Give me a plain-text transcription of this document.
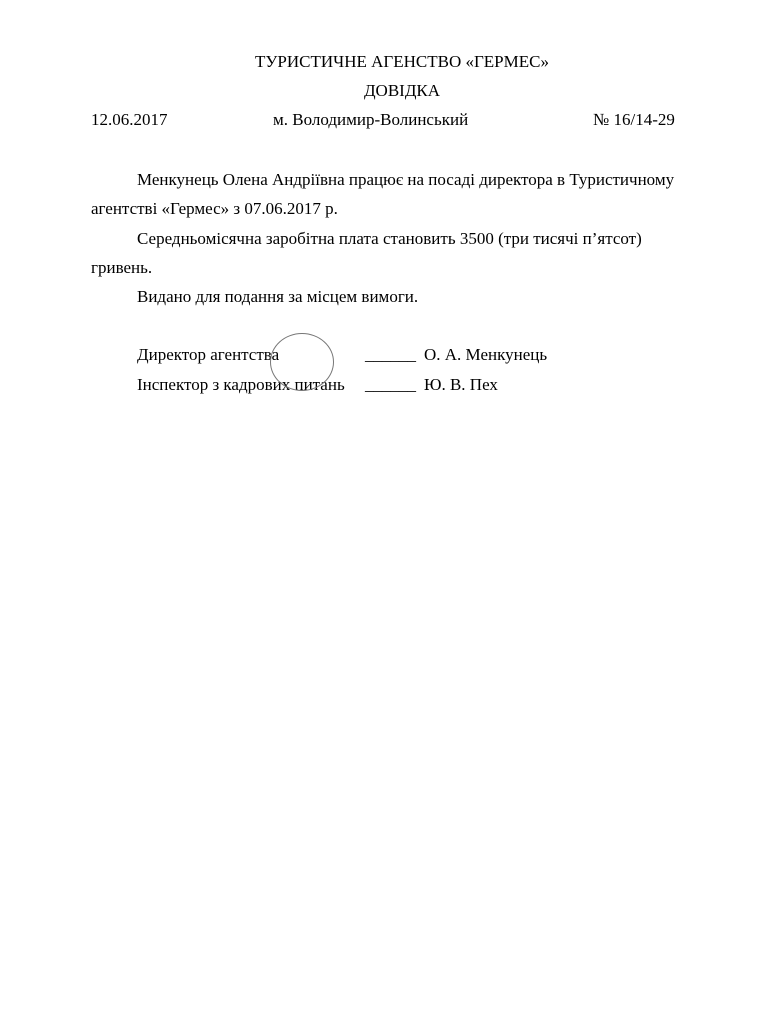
ТУРИСТИЧНЕ АГЕНСТВО «ГЕРМЕС»
ДОВІДКА
12.06.2017	м. Володимир-Волинський	№ 16/14-29
Менкунець Олена Андріївна працює на посаді директора в Туристичному
агентстві «Гермес» з 07.06.2017 р.
Середньомісячна заробітна плата становить 3500 (три тисячі п’ятсот)
гривень.
Видано для подання за місцем вимоги.
Директор агентства	______ О. А. Менкунець
Інспектор з кадрових питань ______ Ю. В. Пех
